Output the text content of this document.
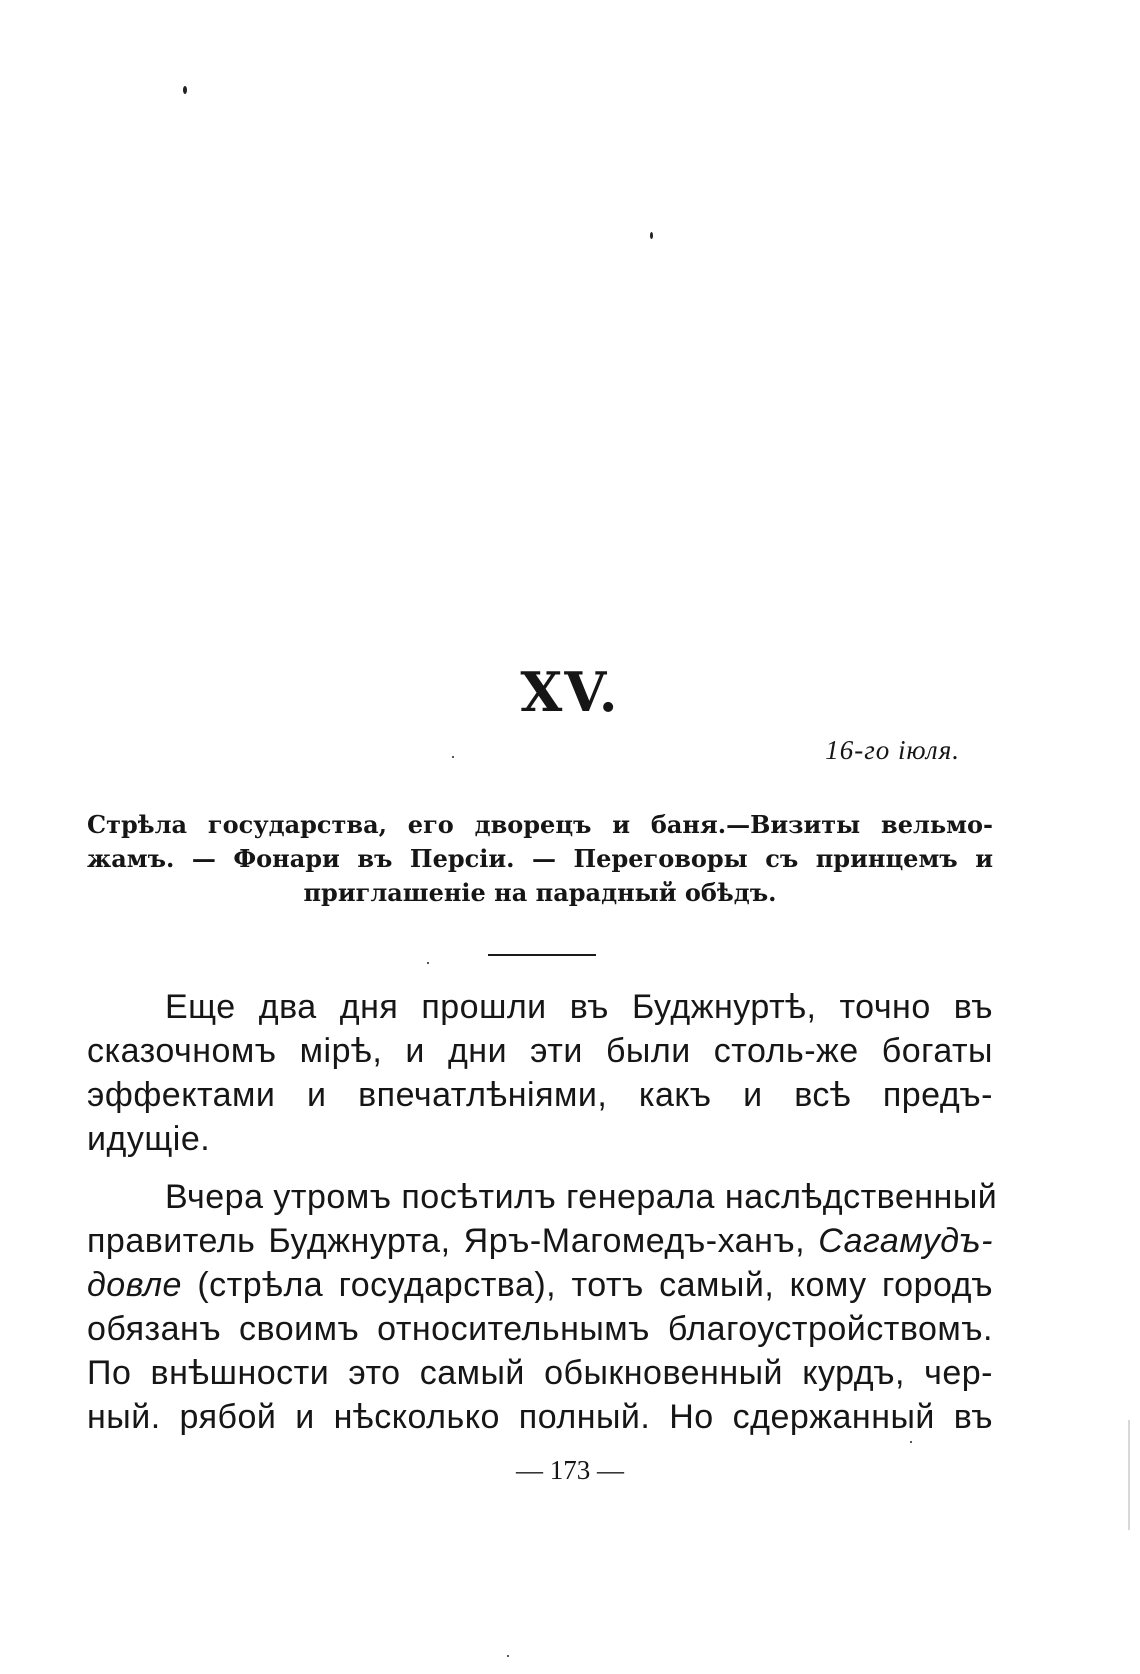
XV.
16-го іюля.
Стрѣла государства, его дворецъ и баня.—Визиты вельмо-
жамъ. — Фонари въ Персіи. — Переговоры съ принцемъ и
приглашеніе на парадный обѣдъ.
Еще два дня прошли въ Буджнуртѣ, точно въ
сказочномъ мірѣ, и дни эти были столь-же богаты
эффектами и впечатлѣніями, какъ и всѣ предъ-
идущіе.
Вчера утромъ посѣтилъ генерала наслѣдственный
правитель Буджнурта, Яръ-Магомедъ-ханъ, Сагамудъ-
довле (стрѣла государства), тотъ самый, кому городъ
обязанъ своимъ относительнымъ благоустройствомъ.
По внѣшности это самый обыкновенный курдъ, чер-
ный. рябой и нѣсколько полный. Но сдержанный въ
— 173 —
